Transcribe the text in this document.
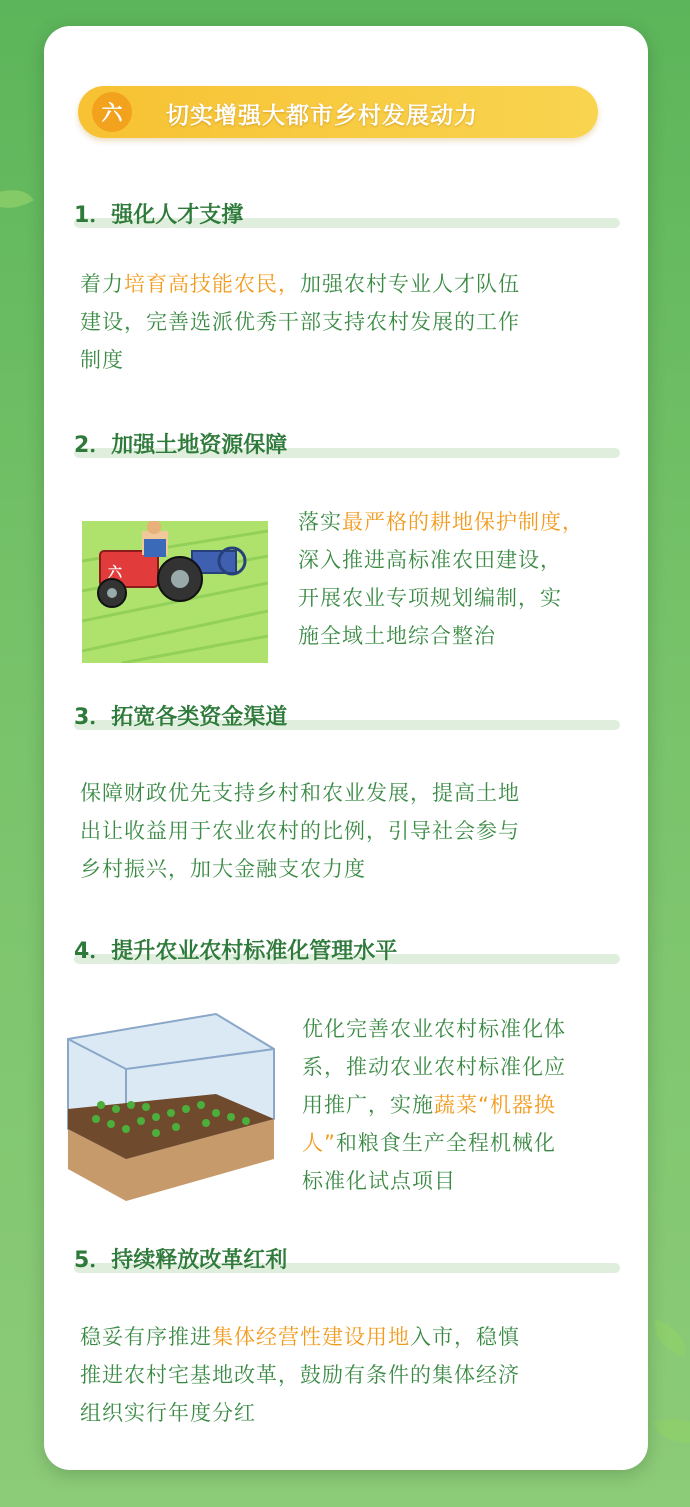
六	切实增强大都市乡村发展动力
1．强化人才支撑
着力培育高技能农民，加强农村专业人才队伍
建设，完善选派优秀干部支持农村发展的工作
制度
2．加强土地资源保障
六
落实最严格的耕地保护制度，
深入推进高标准农田建设，
开展农业专项规划编制，实
施全域土地综合整治
3．拓宽各类资金渠道
保障财政优先支持乡村和农业发展，提高土地
出让收益用于农业农村的比例，引导社会参与
乡村振兴，加大金融支农力度
4．提升农业农村标准化管理水平
优化完善农业农村标准化体
系，推动农业农村标准化应
用推广，实施蔬菜“机器换
人”和粮食生产全程机械化
标准化试点项目
5．持续释放改革红利
稳妥有序推进集体经营性建设用地入市，稳慎
推进农村宅基地改革，鼓励有条件的集体经济
组织实行年度分红
